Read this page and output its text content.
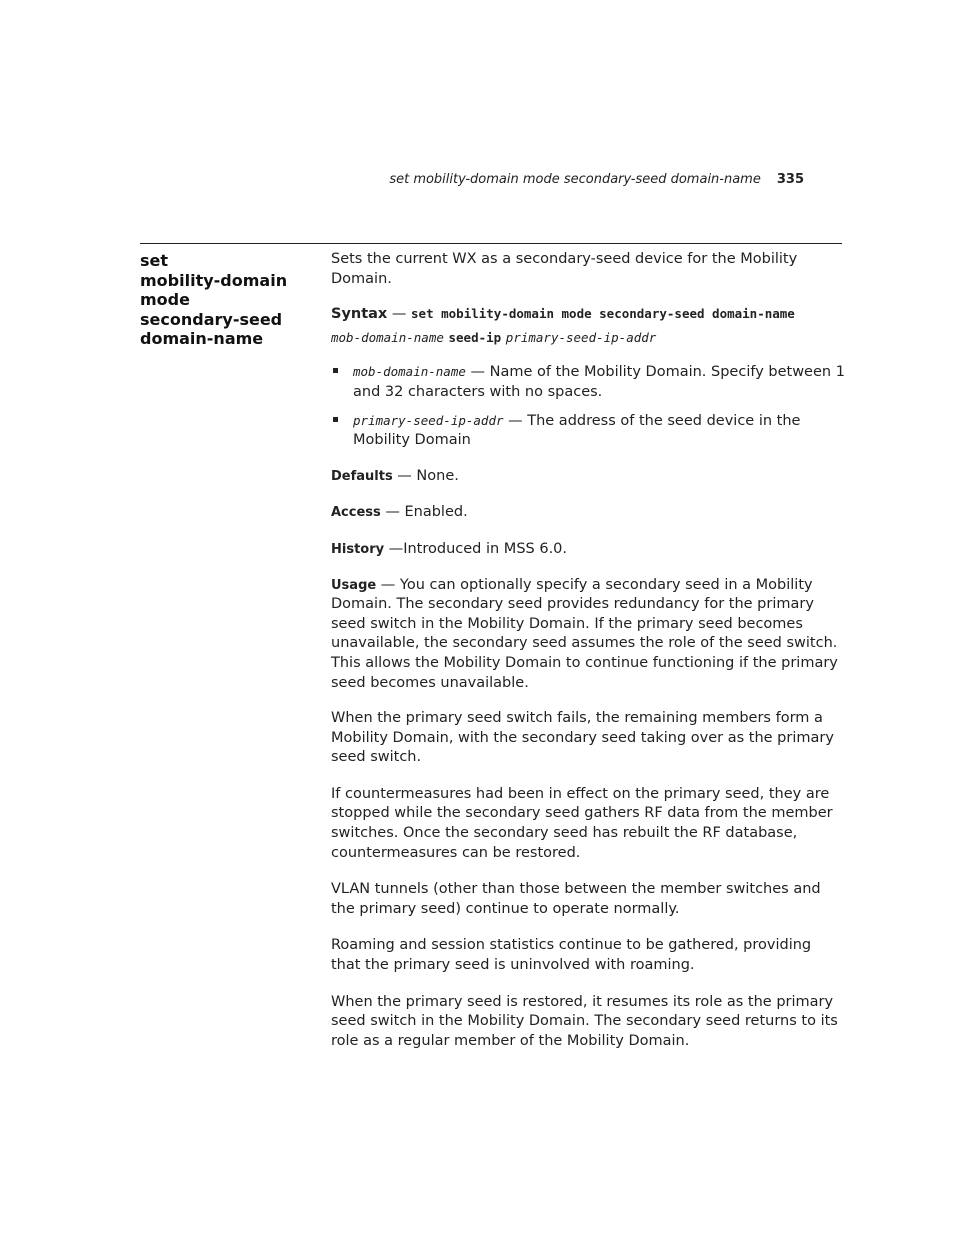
set mobility-domain mode secondary-seed domain-name 335
set
mobility-domain
mode
secondary-seed
domain-name

Sets the current WX as a secondary-seed device for the Mobility Domain.

Syntax — set mobility-domain mode secondary-seed domain-name
mob-domain-name seed-ip primary-seed-ip-addr
mob-domain-name — Name of the Mobility Domain. Specify between 1 and 32 characters with no spaces.
primary-seed-ip-addr — The address of the seed device in the Mobility Domain

Defaults — None.

Access — Enabled.

History —Introduced in MSS 6.0.

Usage — You can optionally specify a secondary seed in a Mobility Domain. The secondary seed provides redundancy for the primary seed switch in the Mobility Domain. If the primary seed becomes unavailable, the secondary seed assumes the role of the seed switch. This allows the Mobility Domain to continue functioning if the primary seed becomes unavailable.

When the primary seed switch fails, the remaining members form a Mobility Domain, with the secondary seed taking over as the primary seed switch.

If countermeasures had been in effect on the primary seed, they are stopped while the secondary seed gathers RF data from the member switches. Once the secondary seed has rebuilt the RF database, countermeasures can be restored.

VLAN tunnels (other than those between the member switches and the primary seed) continue to operate normally.

Roaming and session statistics continue to be gathered, providing that the primary seed is uninvolved with roaming.

When the primary seed is restored, it resumes its role as the primary seed switch in the Mobility Domain. The secondary seed returns to its role as a regular member of the Mobility Domain.
